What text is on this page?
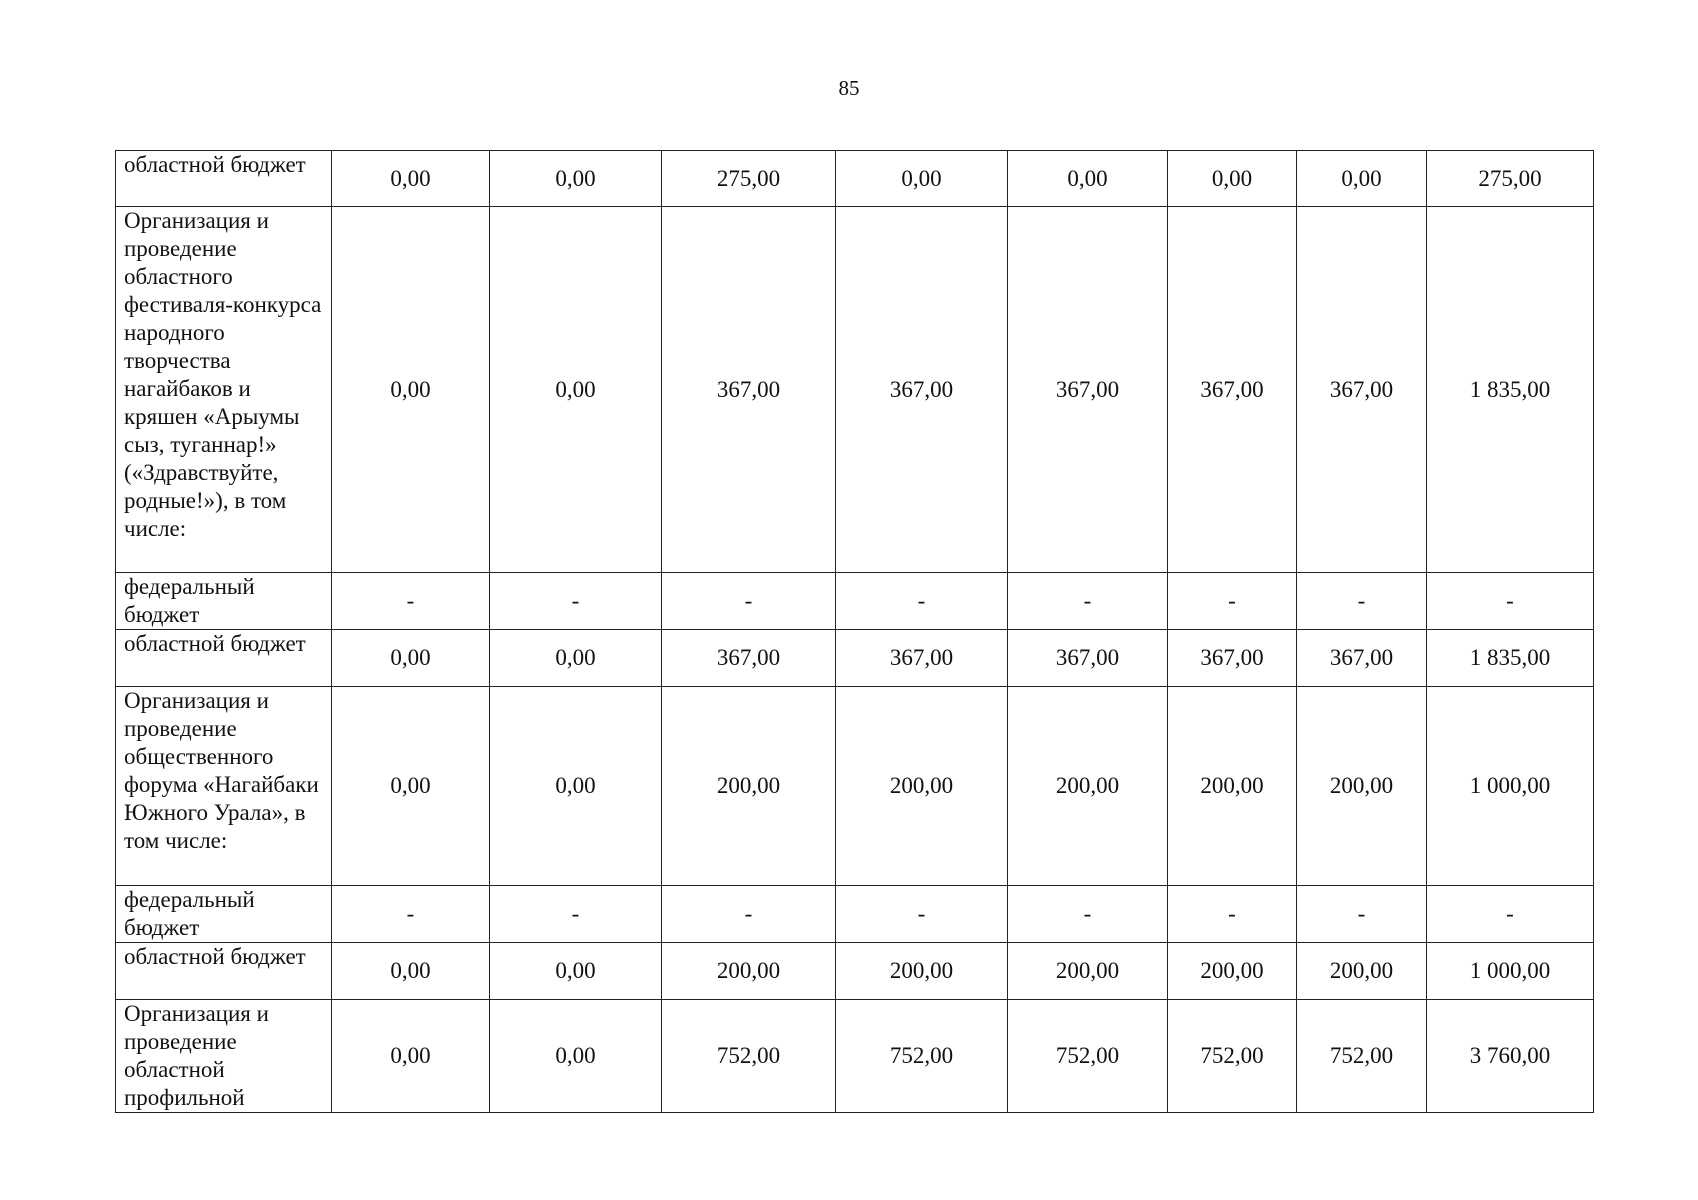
85
областной бюджет	0,00	0,00	275,00	0,00	0,00	0,00	0,00	275,00
Организация и проведение областного фестиваля-конкурса народного творчества нагайбаков и кряшен «Арыумы сыз, туганнар!» («Здравствуйте, родные!»), в том числе:	0,00	0,00	367,00	367,00	367,00	367,00	367,00	1 835,00
федеральный бюджет	-	-	-	-	-	-	-	-
областной бюджет	0,00	0,00	367,00	367,00	367,00	367,00	367,00	1 835,00
Организация и проведение общественного форума «Нагайбаки Южного Урала», в том числе:	0,00	0,00	200,00	200,00	200,00	200,00	200,00	1 000,00
федеральный бюджет	-	-	-	-	-	-	-	-
областной бюджет	0,00	0,00	200,00	200,00	200,00	200,00	200,00	1 000,00
Организация и проведение областной профильной	0,00	0,00	752,00	752,00	752,00	752,00	752,00	3 760,00
